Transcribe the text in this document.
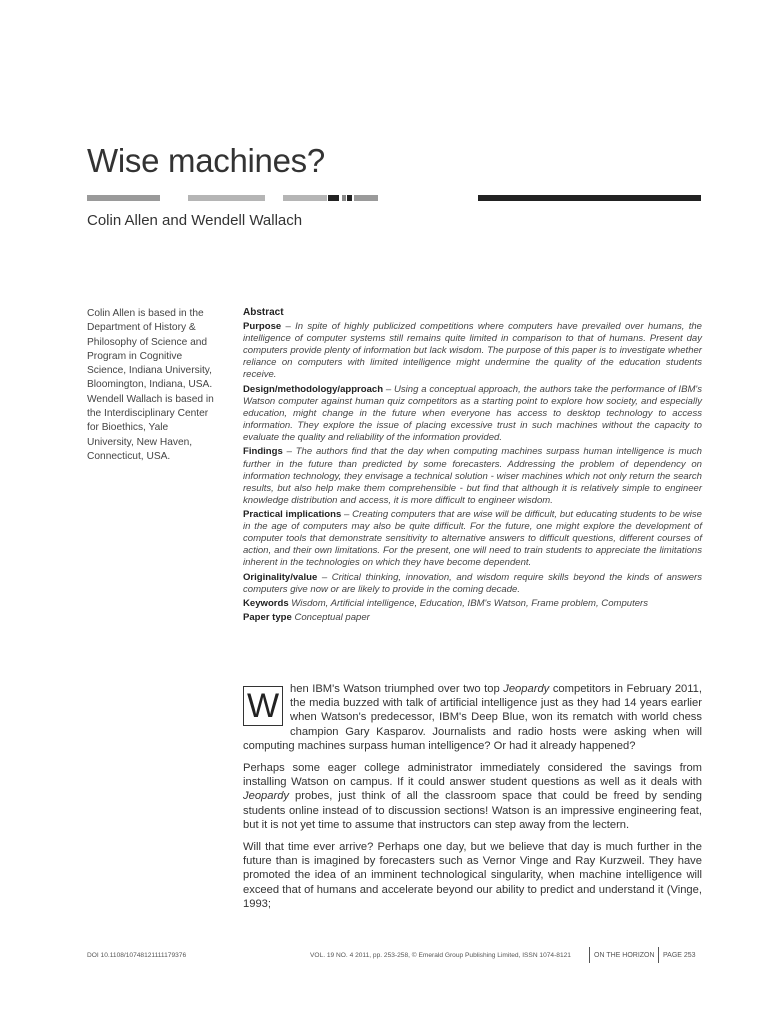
Wise machines?
Colin Allen and Wendell Wallach
Colin Allen is based in the Department of History & Philosophy of Science and Program in Cognitive Science, Indiana University, Bloomington, Indiana, USA. Wendell Wallach is based in the Interdisciplinary Center for Bioethics, Yale University, New Haven, Connecticut, USA.
Abstract

Purpose – In spite of highly publicized competitions where computers have prevailed over humans, the intelligence of computer systems still remains quite limited in comparison to that of humans. Present day computers provide plenty of information but lack wisdom. The purpose of this paper is to investigate whether reliance on computers with limited intelligence might undermine the quality of the education students receive.

Design/methodology/approach – Using a conceptual approach, the authors take the performance of IBM's Watson computer against human quiz competitors as a starting point to explore how society, and especially education, might change in the future when everyone has access to desktop technology to access information. They explore the issue of placing excessive trust in such machines without the capacity to evaluate the quality and reliability of the information provided.

Findings – The authors find that the day when computing machines surpass human intelligence is much further in the future than predicted by some forecasters. Addressing the problem of dependency on information technology, they envisage a technical solution - wiser machines which not only return the search results, but also help make them comprehensible - but find that although it is relatively simple to engineer knowledge distribution and access, it is more difficult to engineer wisdom.

Practical implications – Creating computers that are wise will be difficult, but educating students to be wise in the age of computers may also be quite difficult. For the future, one might explore the development of computer tools that demonstrate sensitivity to alternative answers to difficult questions, different courses of action, and their own limitations. For the present, one will need to train students to appreciate the limitations inherent in the technologies on which they have become dependent.

Originality/value – Critical thinking, innovation, and wisdom require skills beyond the kinds of answers computers give now or are likely to provide in the coming decade.

Keywords Wisdom, Artificial intelligence, Education, IBM's Watson, Frame problem, Computers

Paper type Conceptual paper

W hen IBM's Watson triumphed over two top Jeopardy competitors in February 2011, the media buzzed with talk of artificial intelligence just as they had 14 years earlier when Watson's predecessor, IBM's Deep Blue, won its rematch with world chess champion Gary Kasparov. Journalists and radio hosts were asking when will computing machines surpass human intelligence? Or had it already happened?

Perhaps some eager college administrator immediately considered the savings from installing Watson on campus. If it could answer student questions as well as it deals with Jeopardy probes, just think of all the classroom space that could be freed by sending students online instead of to discussion sections! Watson is an impressive engineering feat, but it is not yet time to assume that instructors can step away from the lectern.

Will that time ever arrive? Perhaps one day, but we believe that day is much further in the future than is imagined by forecasters such as Vernor Vinge and Ray Kurzweil. They have promoted the idea of an imminent technological singularity, when machine intelligence will exceed that of humans and accelerate beyond our ability to predict and understand it (Vinge, 1993;

DOI 10.1108/10748121111179376	VOL. 19 NO. 4 2011, pp. 253-258, © Emerald Group Publishing Limited, ISSN 1074-8121	ON THE HORIZON PAGE 253
